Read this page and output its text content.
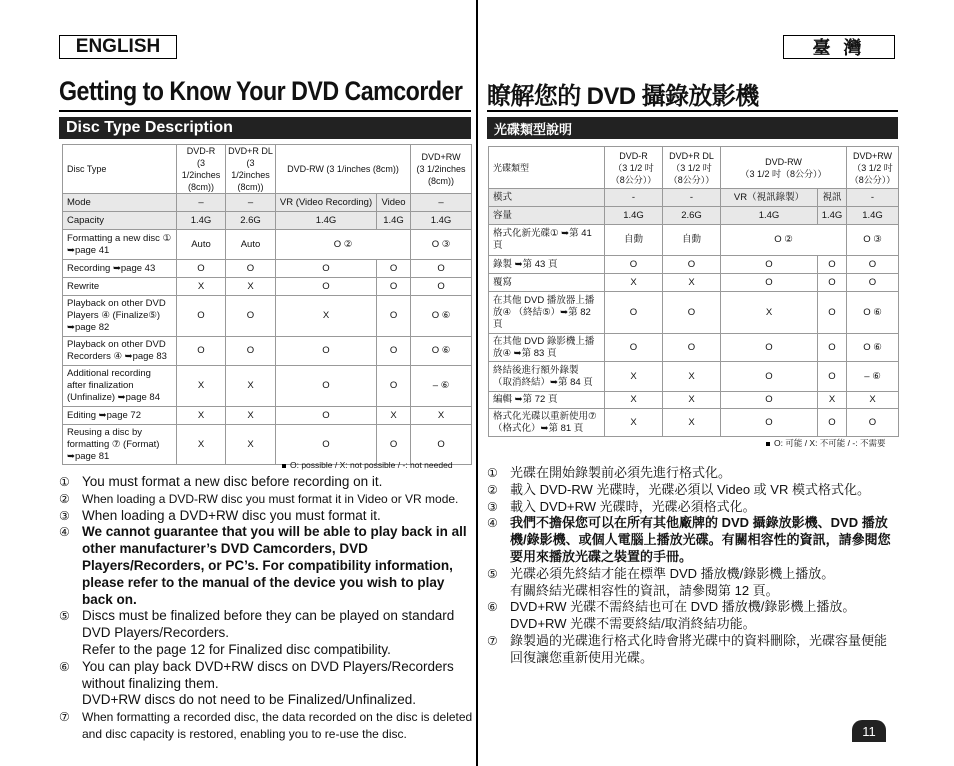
ENGLISH	臺 灣
Getting to Know Your DVD Camcorder 瞭解您的 DVD 攝錄放影機
Disc Type Description	光碟類型說明
Disc Type	DVD-R
(3 1/2inches
(8cm))	DVD+R DL
(3 1/2inches
(8cm))	DVD-RW (3 1/inches (8cm))		DVD+RW
(3 1/2inches
(8cm))
Mode	–	–	VR (Video Recording)	Video	–
Capacity	1.4G	2.6G	1.4G	1.4G	1.4G
Formatting a new disc ① ➥page 41	Auto	Auto	O ②		O ③
Recording ➥page 43	O	O	O	O	O
Rewrite	X	X	O	O	O
Playback on other DVD Players ④ (Finalize⑤) ➥page 82	O	O	X	O	O ⑥
Playback on other DVD Recorders ④ ➥page 83	O	O	O	O	O ⑥
Additional recording after finalization (Unfinalize) ➥page 84	X	X	O	O	– ⑥
Editing ➥page 72	X	X	O	X	X
Reusing a disc by formatting ⑦ (Format) ➥page 81	X	X	O	O	O
O: possible / X: not possible / -: not needed
光碟類型	DVD-R
（3 1/2 吋
（8公分））	DVD+R DL
（3 1/2 吋
（8公分））	DVD-RW
（3 1/2 吋（8公分））		DVD+RW
（3 1/2 吋
（8公分））
模式	-	-	VR（視訊錄製）	視訊	-
容量	1.4G	2.6G	1.4G	1.4G	1.4G
格式化新光碟① ➥第 41 頁	自動	自動	O ②		O ③
錄製 ➥第 43 頁	O	O	O	O	O
覆寫	X	X	O	O	O
在其他 DVD 播放器上播放④ （終結⑤）➥第 82 頁	O	O	X	O	O ⑥
在其他 DVD 錄影機上播放④ ➥第 83 頁	O	O	O	O	O ⑥
終結後進行額外錄製 （取消終結）➥第 84 頁	X	X	O	O	– ⑥
編輯 ➥第 72 頁	X	X	O	X	X
格式化光碟以重新使用⑦ （格式化）➥第 81 頁	X	X	O	O	O
O: 可能 / X: 不可能 / -: 不需要
① You must format a new disc before recording on it.
②	When loading a DVD-RW disc you must format it in Video or VR mode.
③ When loading a DVD+RW disc you must format it.
④ We cannot guarantee that you will be able to play back in all other manufacturer’s DVD Camcorders, DVD Players/Recorders, or PC’s. For compatibility information, please refer to the manual of the device you wish to play back on.
⑤ Discs must be finalized before they can be played on standard DVD Players/Recorders.
Refer to the page 12 for Finalized disc compatibility.
⑥ You can play back DVD+RW discs on DVD Players/Recorders without finalizing them.
DVD+RW discs do not need to be Finalized/Unfinalized.
⑦	When formatting a recorded disc, the data recorded on the disc is deleted and disc capacity is restored, enabling you to re-use the disc.
① 光碟在開始錄製前必須先進行格式化。
② 載入 DVD-RW 光碟時，光碟必須以 Video 或 VR 模式格式化。
③ 載入 DVD+RW 光碟時，光碟必須格式化。
④ 我們不擔保您可以在所有其他廠牌的 DVD 攝錄放影機、DVD 播放機/錄影機、或個人電腦上播放光碟。有關相容性的資訊，請參閱您要用來播放光碟之裝置的手冊。
⑤ 光碟必須先終結才能在標準 DVD 播放機/錄影機上播放。
有關終結光碟相容性的資訊，請參閱第 12 頁。
⑥ DVD+RW 光碟不需終結也可在 DVD 播放機/錄影機上播放。
DVD+RW 光碟不需要終結/取消終結功能。
⑦ 錄製過的光碟進行格式化時會將光碟中的資料刪除，光碟容量便能回復讓您重新使用光碟。
11
